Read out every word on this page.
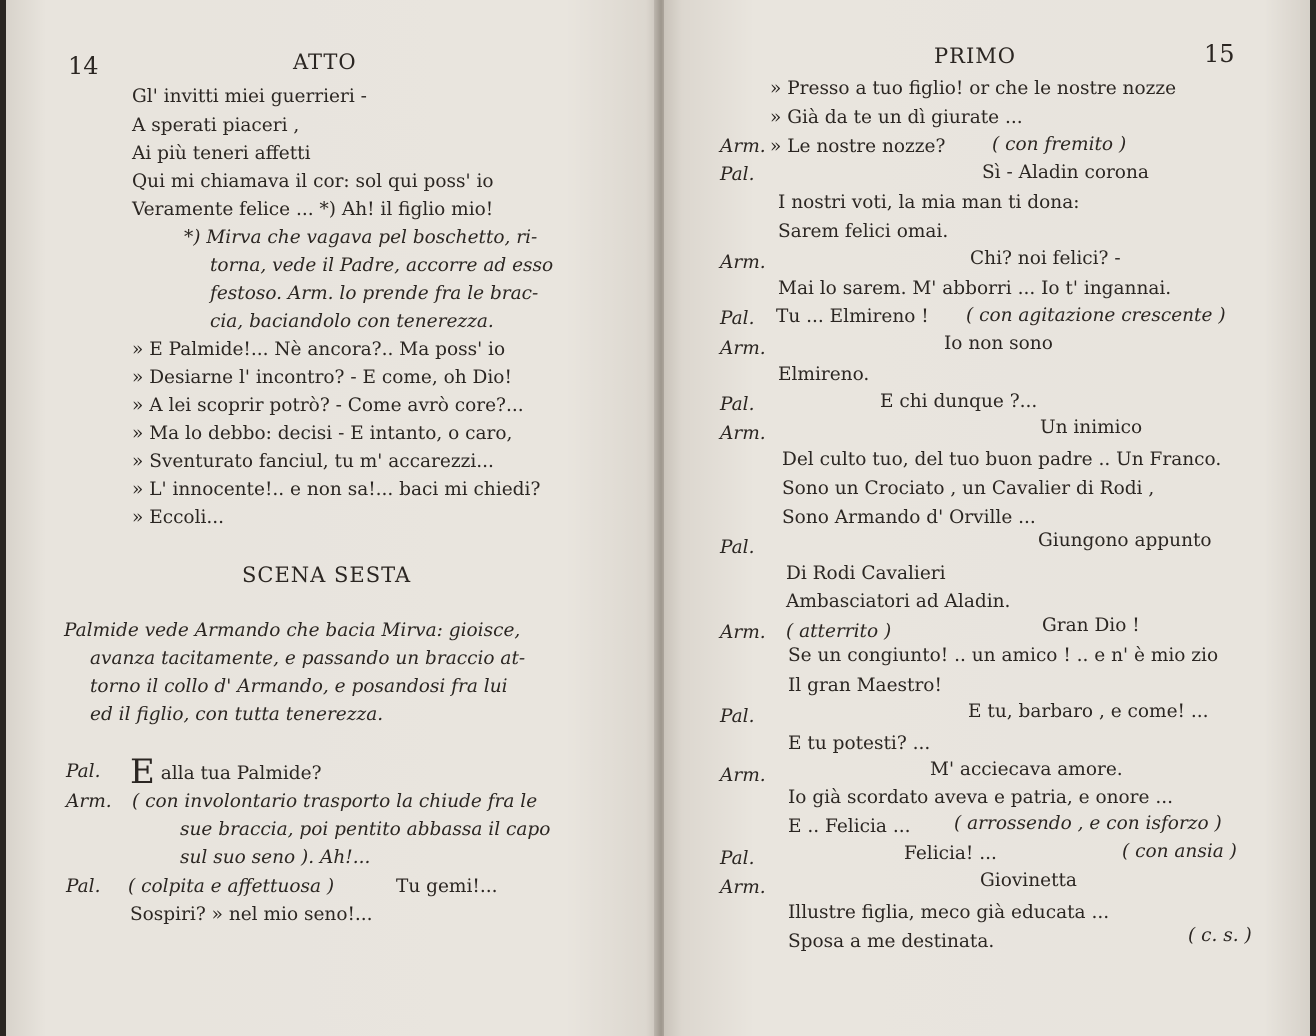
14	ATTO
Gl' invitti miei guerrieri -
A sperati piaceri ,
Ai più teneri affetti
Qui mi chiamava il cor: sol qui poss' io
Veramente felice ... *) Ah! il figlio mio!
*) Mirva che vagava pel boschetto, ri-
torna, vede il Padre, accorre ad esso
festoso. Arm. lo prende fra le brac-
cia, baciandolo con tenerezza.
» E Palmide!... Nè ancora?.. Ma poss' io
» Desiarne l' incontro? - E come, oh Dio!
» A lei scoprir potrò? - Come avrò core?...
» Ma lo debbo: decisi - E intanto, o caro,
» Sventurato fanciul, tu m' accarezzi...
» L' innocente!.. e non sa!... baci mi chiedi?
» Eccoli...
SCENA SESTA
Palmide vede Armando che bacia Mirva: gioisce,
avanza tacitamente, e passando un braccio at-
torno il collo d' Armando, e posandosi fra lui
ed il figlio, con tutta tenerezza.
Pal. E alla tua Palmide?
Arm. ( con involontario trasporto la chiude fra le
sue braccia, poi pentito abbassa il capo
sul suo seno ). Ah!...
Pal. ( colpita e affettuosa )	Tu gemi!...
Sospiri? » nel mio seno!...
PRIMO	15
» Presso a tuo figlio! or che le nostre nozze
» Già da te un dì giurate ...
Arm. » Le nostre nozze?	( con fremito )
Pal.	Sì - Aladin corona
I nostri voti, la mia man ti dona:
Sarem felici omai.
Arm.	Chi? noi felici? -
Mai lo sarem. M' abborri ... Io t' ingannai.
Pal. Tu ... Elmireno ! ( con agitazione crescente )
Arm.	Io non sono
Elmireno.
Pal.	E chi dunque ?...
Arm.	Un inimico
Del culto tuo, del tuo buon padre .. Un Franco.
Sono un Crociato , un Cavalier di Rodi ,
Sono Armando d' Orville ...
Pal.	Giungono appunto
Di Rodi Cavalieri
Ambasciatori ad Aladin.
Arm. ( atterrito )	Gran Dio !
Se un congiunto! .. un amico ! .. e n' è mio zio
Il gran Maestro!
Pal.	E tu, barbaro , e come! ...
E tu potesti? ...
Arm.	M' acciecava amore.
Io già scordato aveva e patria, e onore ...
E .. Felicia ... ( arrossendo , e con isforzo )
Pal.	Felicia! ...	( con ansia )
Arm.	Giovinetta
Illustre figlia, meco già educata ...
Sposa a me destinata.	( c. s. )
